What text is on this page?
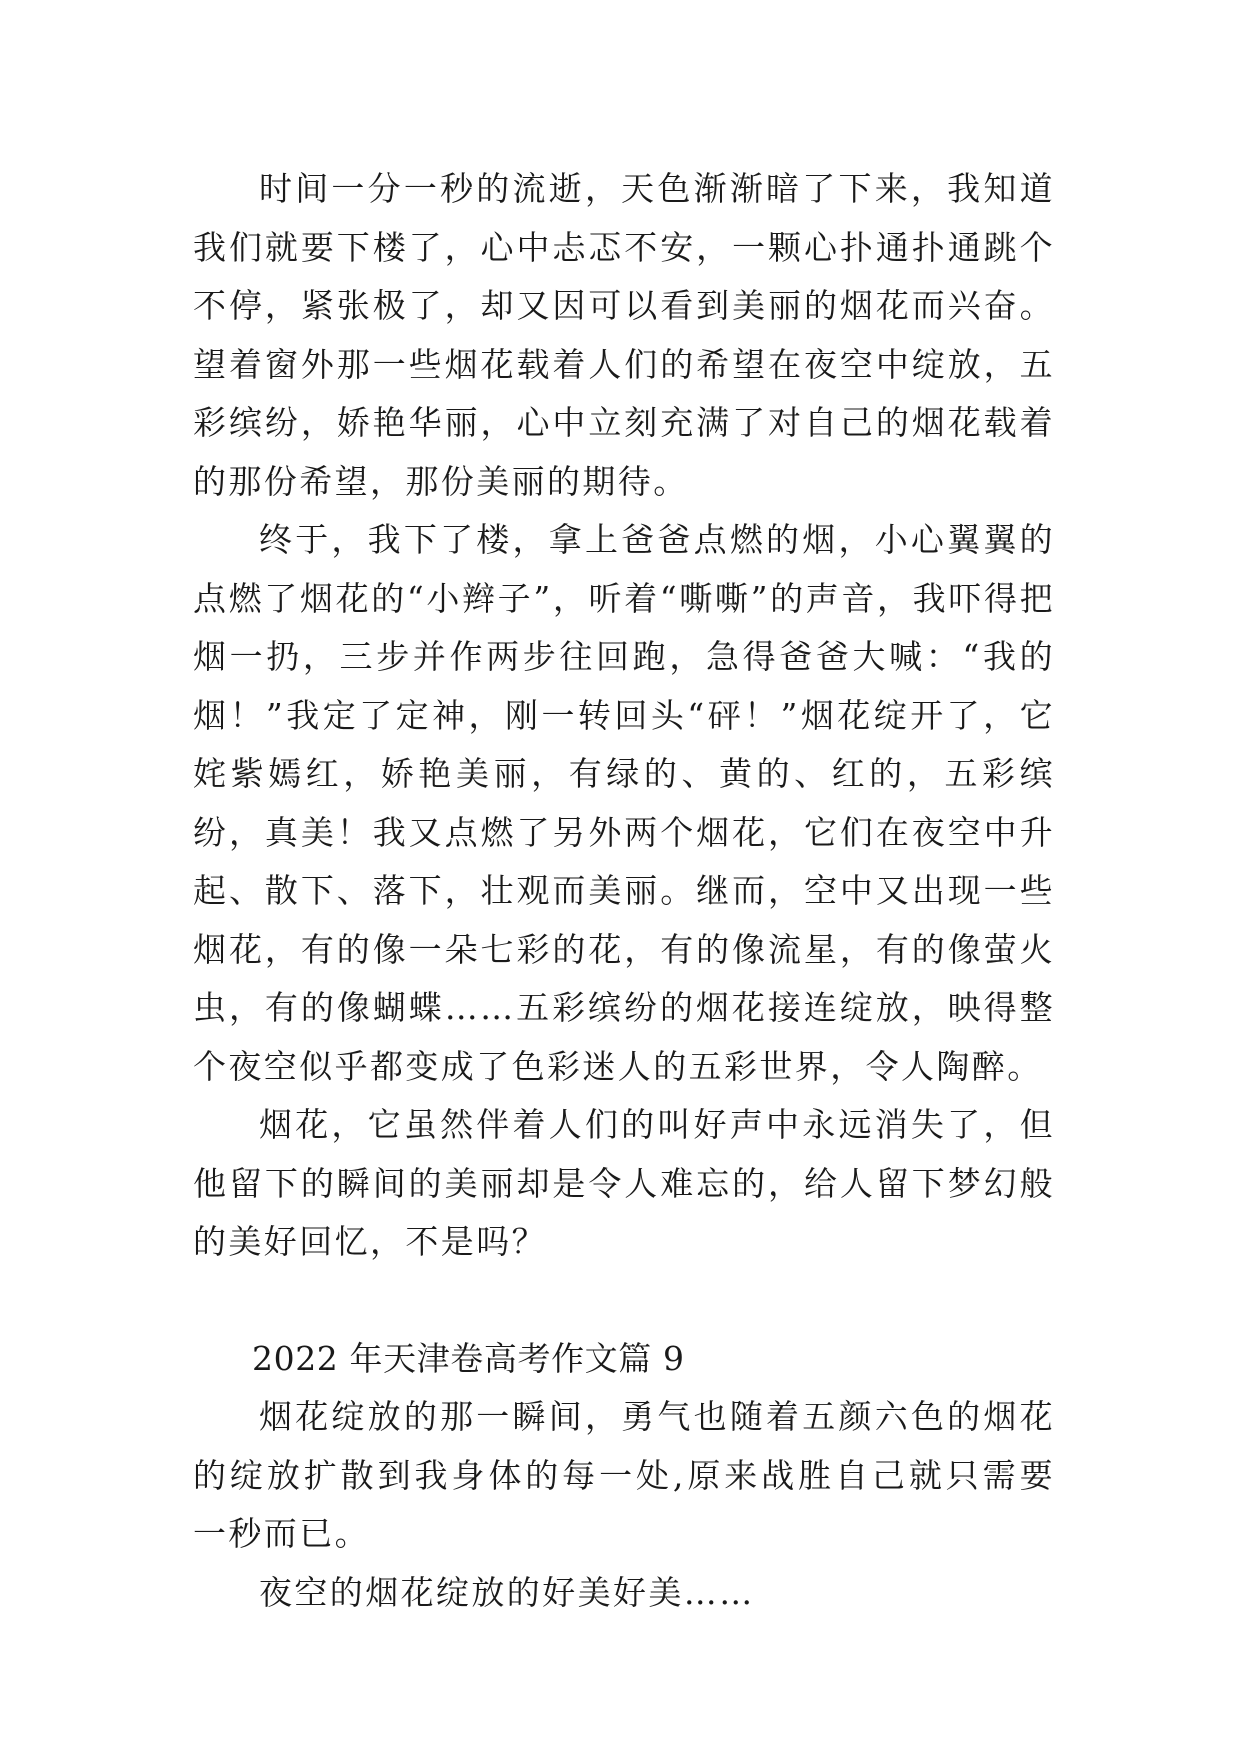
时间一分一秒的流逝，天色渐渐暗了下来，我知道我们就要下楼了，心中忐忑不安，一颗心扑通扑通跳个不停，紧张极了，却又因可以看到美丽的烟花而兴奋。望着窗外那一些烟花载着人们的希望在夜空中绽放，五彩缤纷，娇艳华丽，心中立刻充满了对自己的烟花载着的那份希望，那份美丽的期待。

终于，我下了楼，拿上爸爸点燃的烟，小心翼翼的点燃了烟花的“小辫子”，听着“嘶嘶”的声音，我吓得把烟一扔，三步并作两步往回跑，急得爸爸大喊：“我的烟！”我定了定神，刚一转回头“砰！”烟花绽开了，它姹紫嫣红，娇艳美丽，有绿的、黄的、红的，五彩缤纷，真美！我又点燃了另外两个烟花，它们在夜空中升起、散下、落下，壮观而美丽。继而，空中又出现一些烟花，有的像一朵七彩的花，有的像流星，有的像萤火虫，有的像蝴蝶……五彩缤纷的烟花接连绽放，映得整个夜空似乎都变成了色彩迷人的五彩世界，令人陶醉。

烟花，它虽然伴着人们的叫好声中永远消失了，但他留下的瞬间的美丽却是令人难忘的，给人留下梦幻般的美好回忆，不是吗？

2022 年天津卷高考作文篇 9

烟花绽放的那一瞬间，勇气也随着五颜六色的烟花的绽放扩散到我身体的每一处,原来战胜自己就只需要一秒而已。

夜空的烟花绽放的好美好美……
